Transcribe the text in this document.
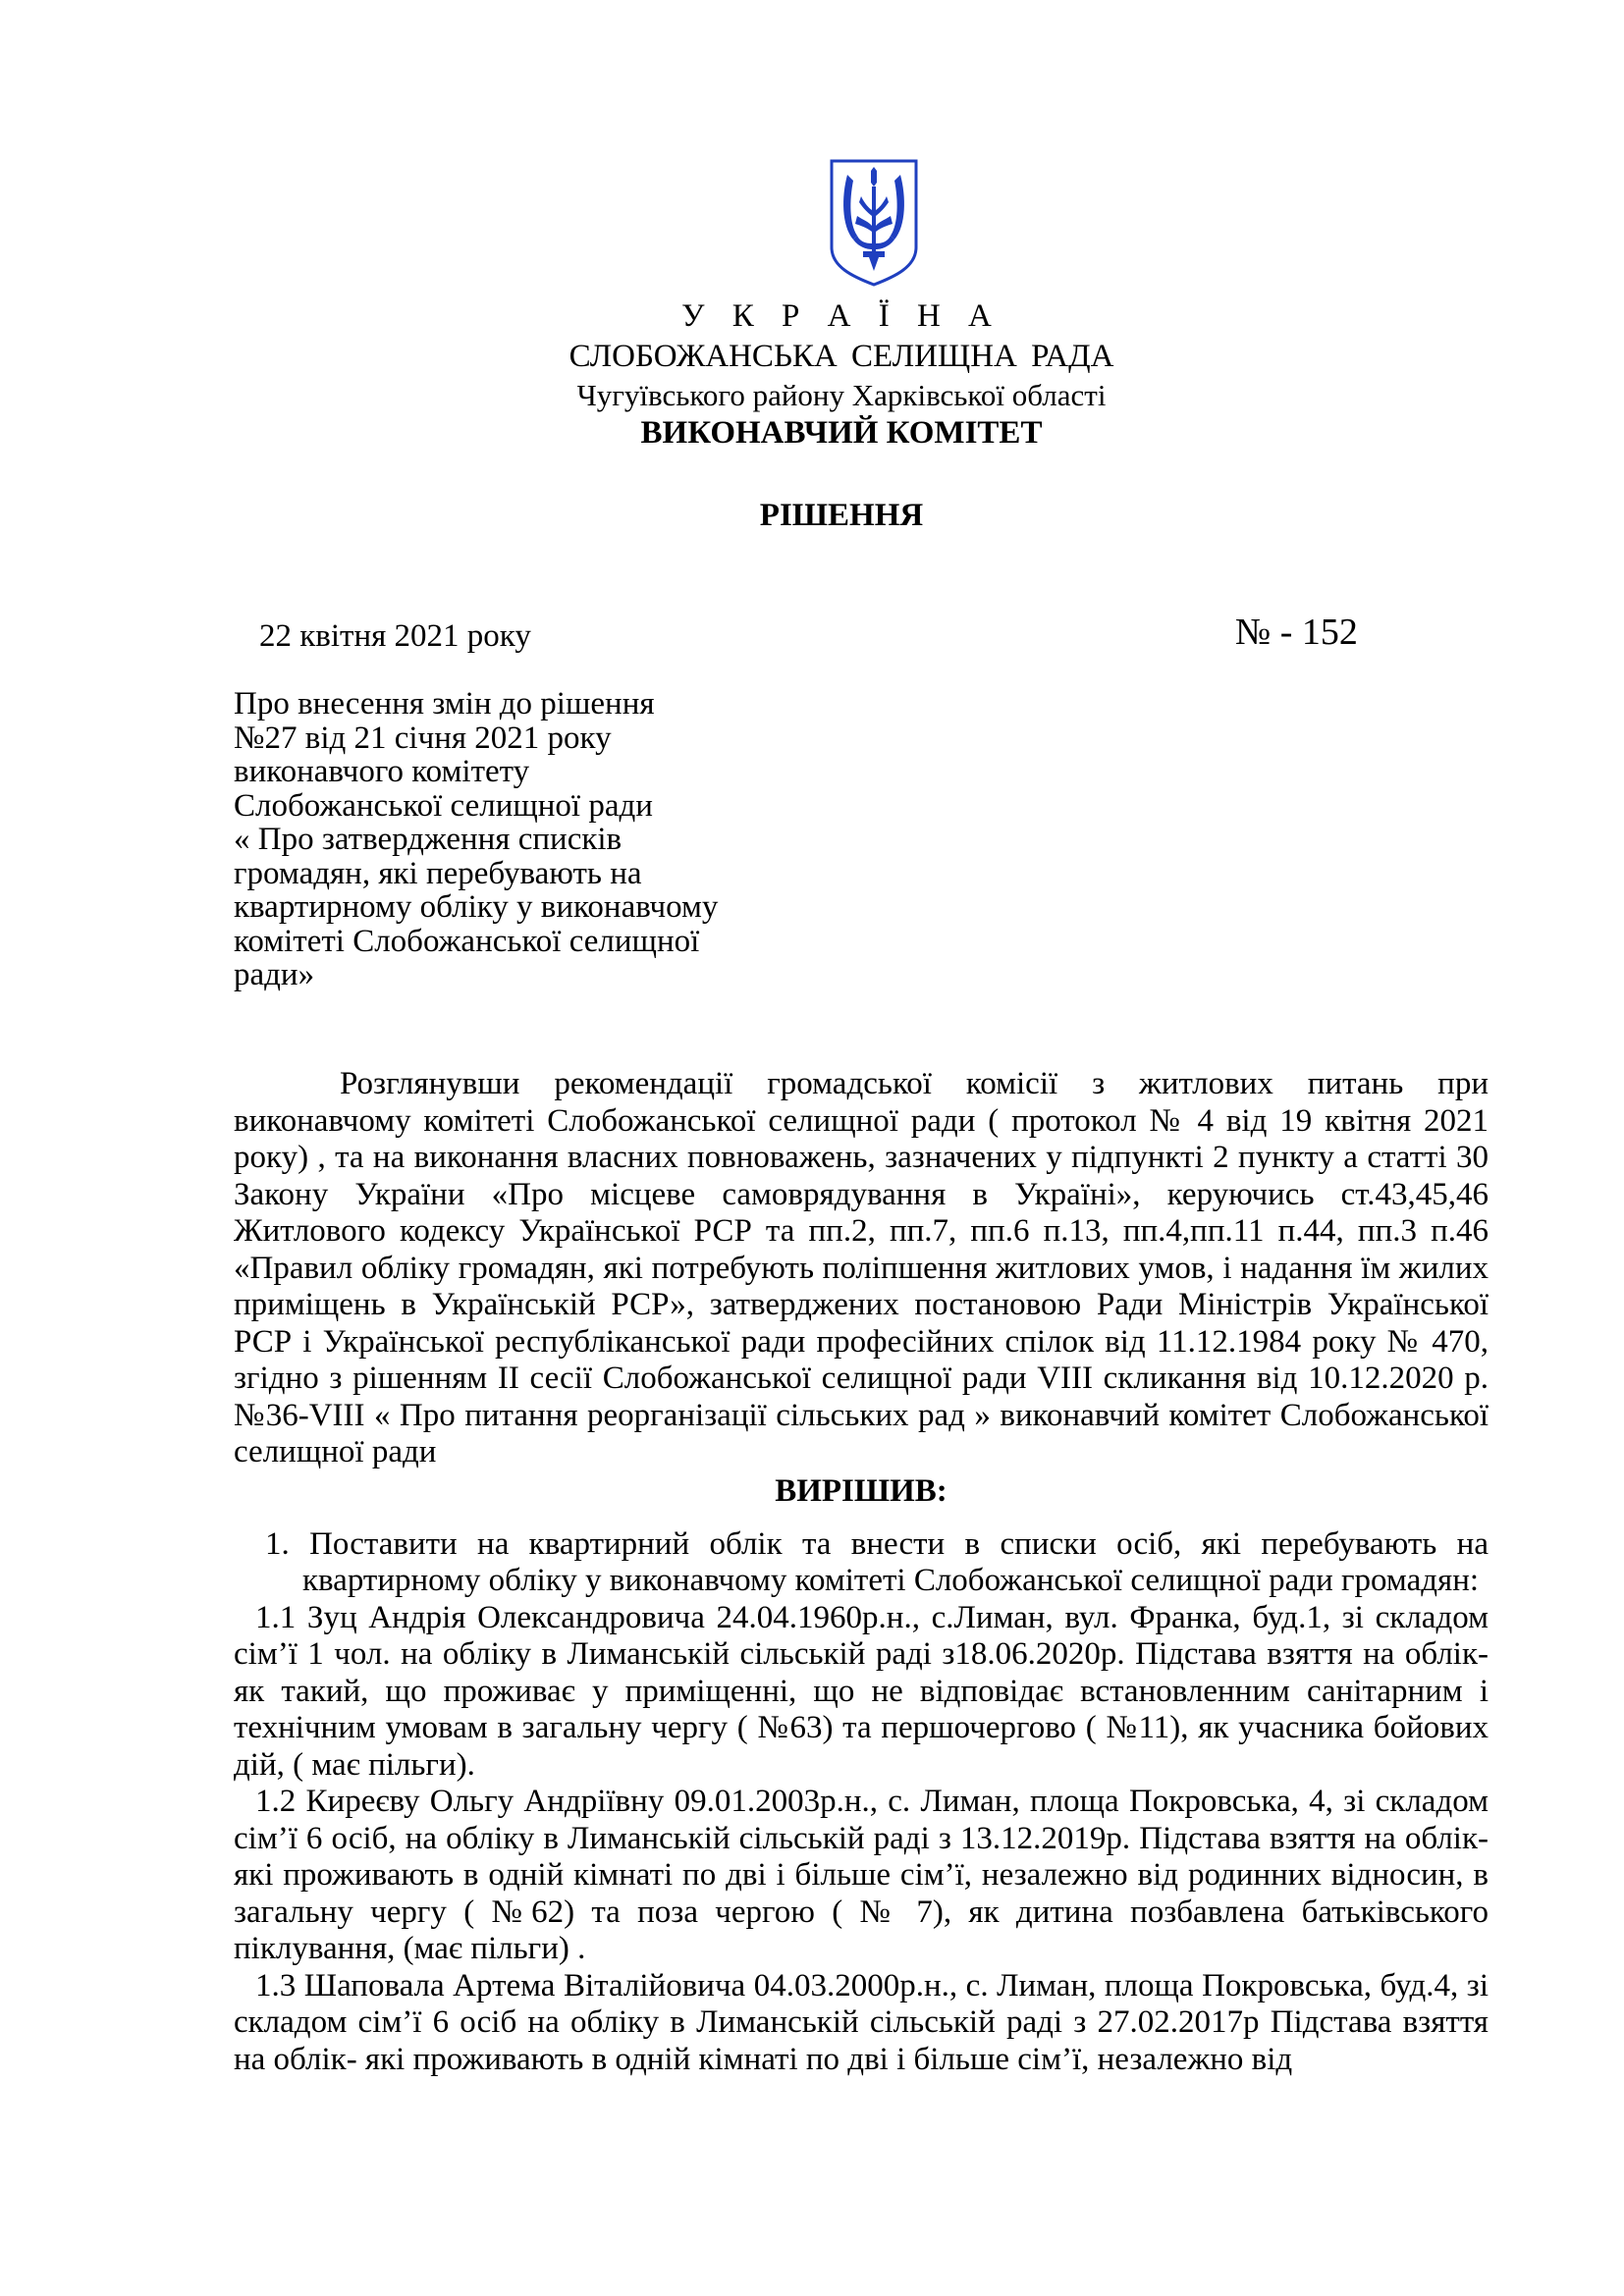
У К Р А Ї Н А
СЛОБОЖАНСЬКА СЕЛИЩНА РАДА
Чугуївського району Харківської області
ВИКОНАВЧИЙ КОМІТЕТ
РІШЕННЯ
22 квітня 2021 року	№ - 152
Про внесення змін до рішення
№27 від 21 січня 2021 року
виконавчого комітету
Слобожанської селищної ради
« Про затвердження списків
громадян, які перебувають на
квартирному обліку у виконавчому
комітеті Слобожанської селищної
ради»

Розглянувши рекомендації громадської комісії з житлових питань при виконавчому комітеті Слобожанської селищної ради ( протокол № 4 від 19 квітня 2021 року) , та на виконання власних повноважень, зазначених у підпункті 2 пункту а статті 30 Закону України «Про місцеве самоврядування в Україні», керуючись ст.43,45,46 Житлового кодексу Української РСР та пп.2, пп.7, пп.6 п.13, пп.4,пп.11 п.44, пп.3 п.46 «Правил обліку громадян, які потребують поліпшення житлових умов, і надання їм жилих приміщень в Українській РСР», затверджених постановою Ради Міністрів Української РСР і Української республіканської ради професійних спілок від 11.12.1984 року № 470, згідно з рішенням ІІ сесії Слобожанської селищної ради VIII скликання від 10.12.2020 р. №36-VIII « Про питання реорганізації сільських рад » виконавчий комітет Слобожанської селищної ради

ВИРІШИВ:

1. Поставити на квартирний облік та внести в списки осіб, які перебувають на квартирному обліку у виконавчому комітеті Слобожанської селищної ради громадян:

1.1 Зуц Андрія Олександровича 24.04.1960р.н., с.Лиман, вул. Франка, буд.1, зі складом сім’ї 1 чол. на обліку в Лиманській сільській раді з18.06.2020р. Підстава взяття на облік- як такий, що проживає у приміщенні, що не відповідає встановленним санітарним і технічним умовам в загальну чергу ( №63) та першочергово ( №11), як учасника бойових дій, ( має пільги).

1.2 Киреєву Ольгу Андріївну 09.01.2003р.н., с. Лиман, площа Покровська, 4, зі складом сім’ї 6 осіб, на обліку в Лиманській сільській раді з 13.12.2019р. Підстава взяття на облік- які проживають в одній кімнаті по дві і більше сім’ї, незалежно від родинних відносин, в загальну чергу ( №62) та поза чергою ( № 7), як дитина позбавлена батьківського піклування, (має пільги) .

1.3 Шаповала Артема Віталійовича 04.03.2000р.н., с. Лиман, площа Покровська, буд.4, зі складом сім’ї 6 осіб на обліку в Лиманській сільській раді з 27.02.2017р Підстава взяття на облік- які проживають в одній кімнаті по дві і більше сім’ї, незалежно від
